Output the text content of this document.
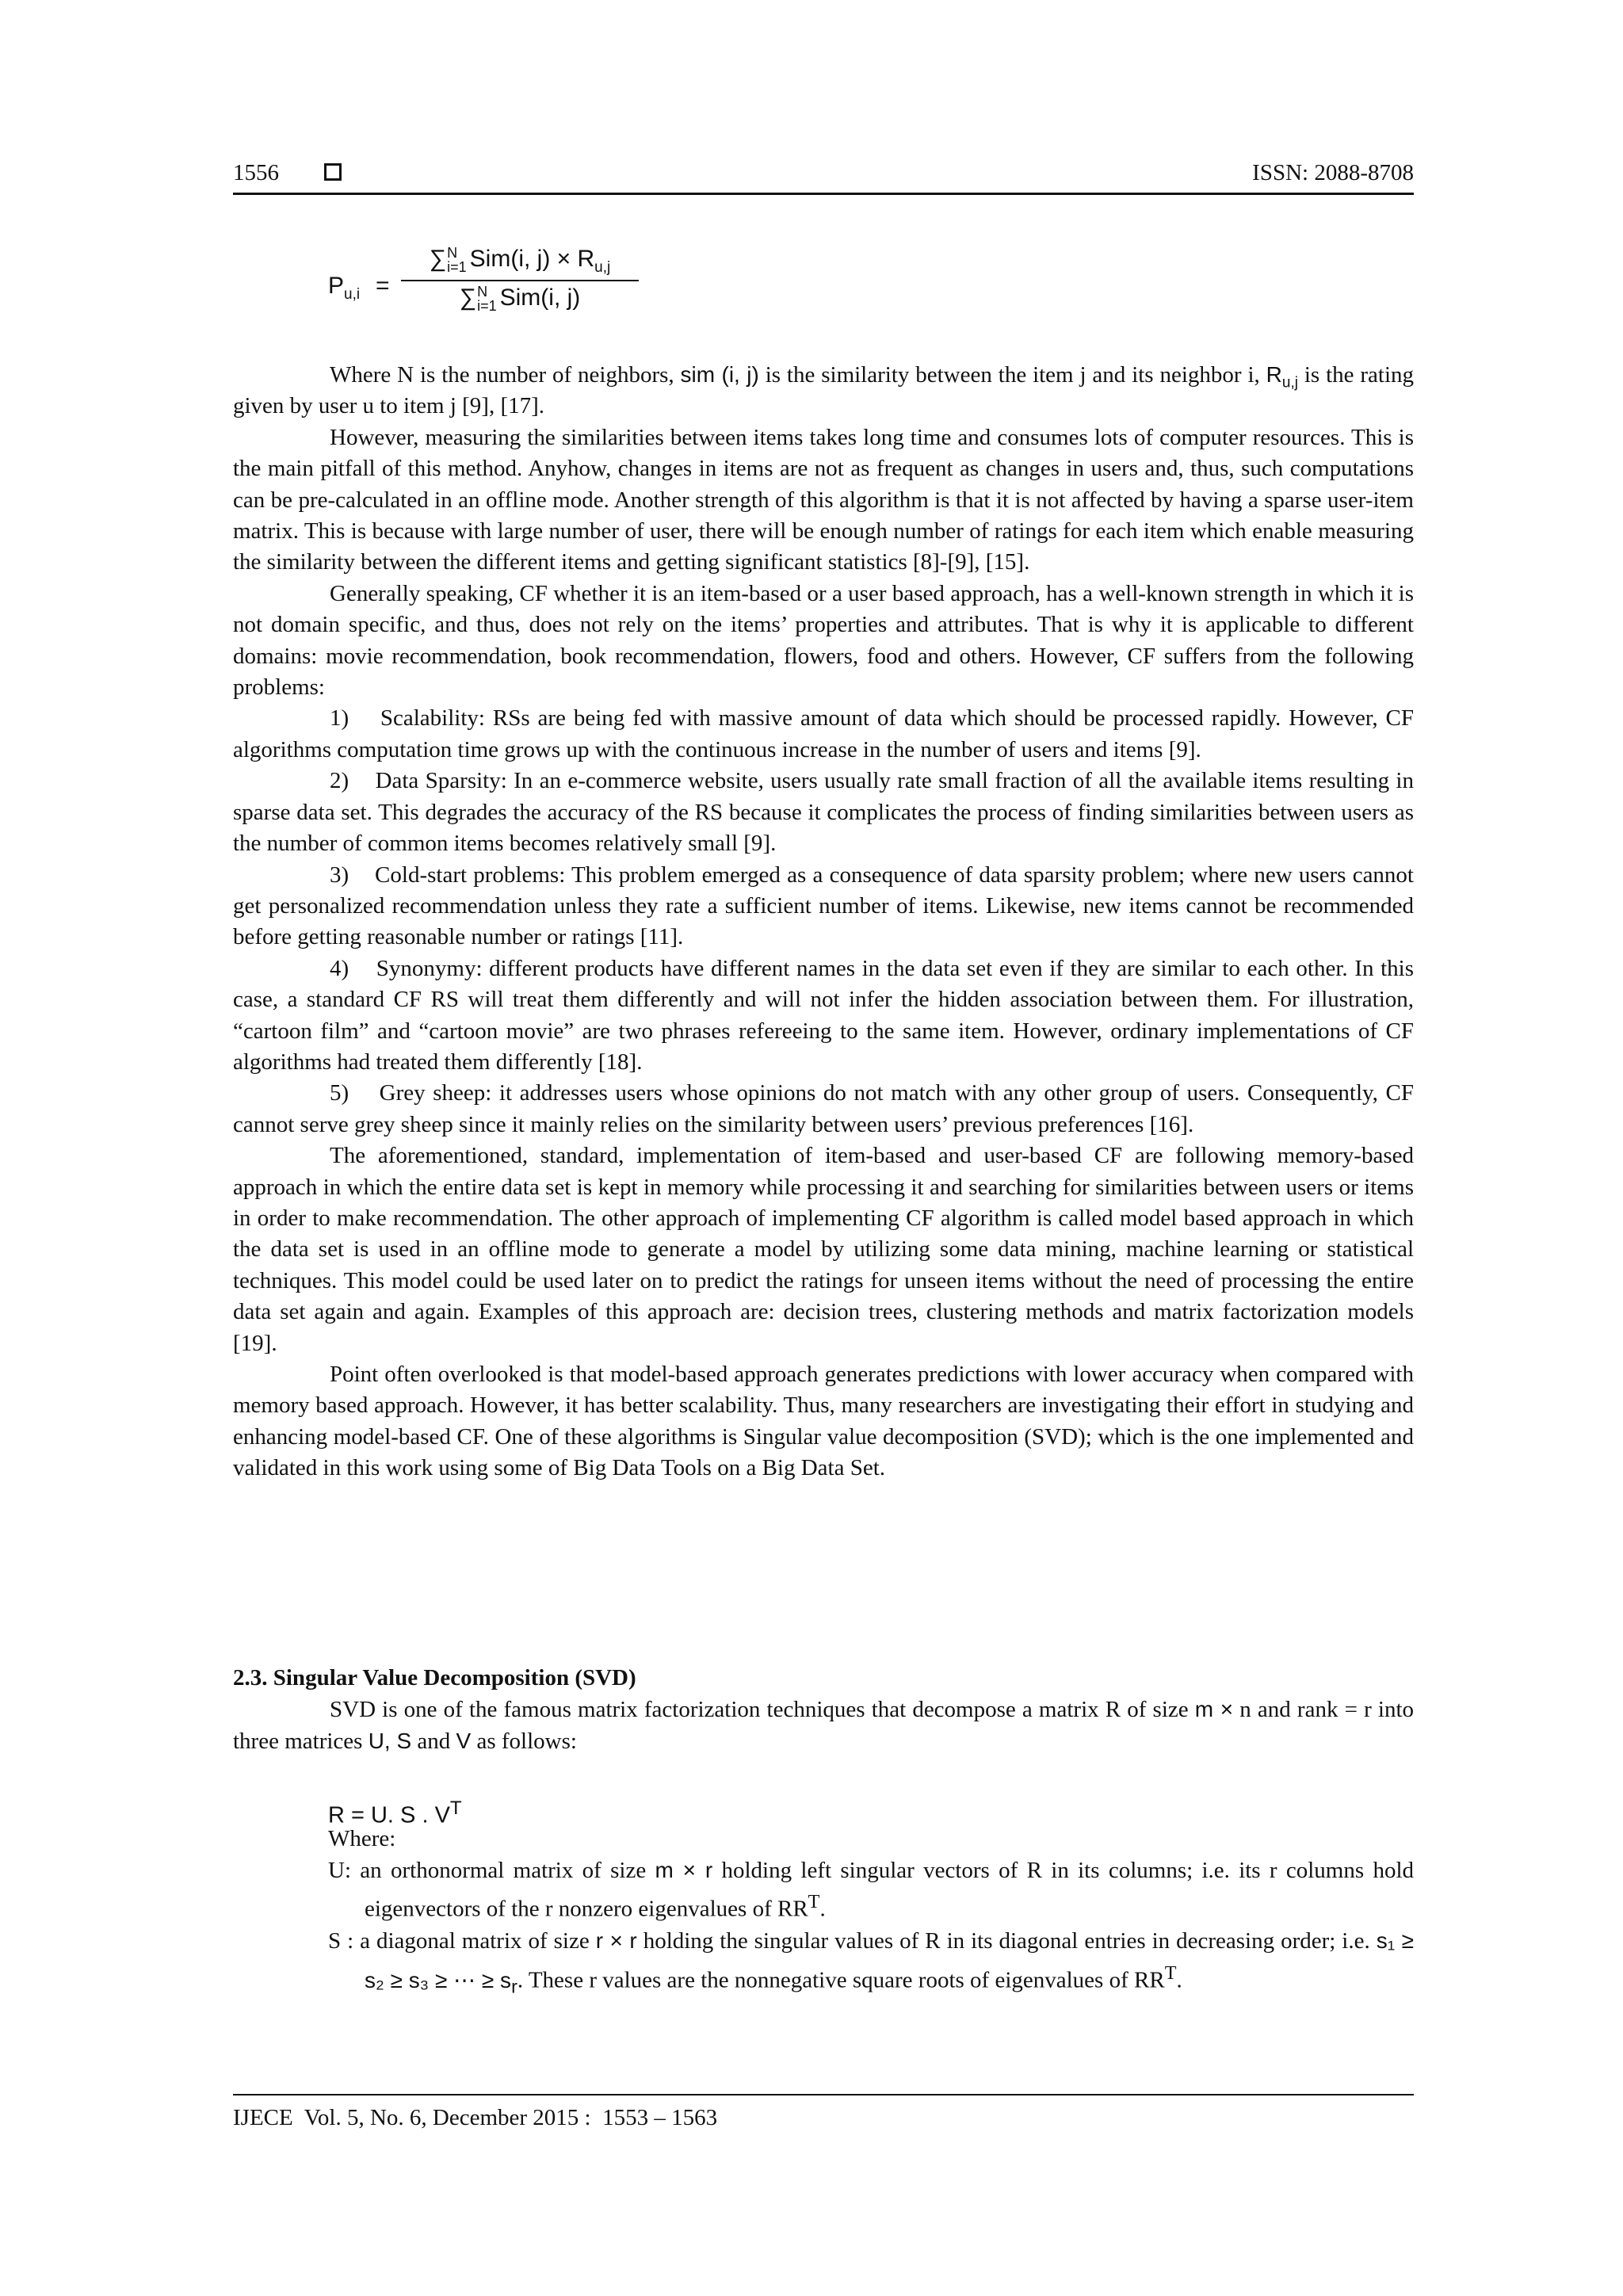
1556	ISSN: 2088-8708
$P_{u,i}$ =
∑N
i=1 Sim(i, $j) \times R_{u,j}$
∑N
i=1 Sim(i, j)

Where N is the number of neighbors, sim (i, j) is the similarity between the item j and its neighbor i, $R_{u,j}$ is the rating given by user u to item j [9], [17].

However, measuring the similarities between items takes long time and consumes lots of computer resources. This is the main pitfall of this method. Anyhow, changes in items are not as frequent as changes in users and, thus, such computations can be pre-calculated in an offline mode. Another strength of this algorithm is that it is not affected by having a sparse user-item matrix. This is because with large number of user, there will be enough number of ratings for each item which enable measuring the similarity between the different items and getting significant statistics [8]-[9], [15].

Generally speaking, CF whether it is an item-based or a user based approach, has a well-known strength in which it is not domain specific, and thus, does not rely on the items’ properties and attributes. That is why it is applicable to different domains: movie recommendation, book recommendation, flowers, food and others. However, CF suffers from the following problems:

1)    Scalability: RSs are being fed with massive amount of data which should be processed rapidly. However, CF algorithms computation time grows up with the continuous increase in the number of users and items [9].

2)    Data Sparsity: In an e-commerce website, users usually rate small fraction of all the available items resulting in sparse data set. This degrades the accuracy of the RS because it complicates the process of finding similarities between users as the number of common items becomes relatively small [9].

3)    Cold-start problems: This problem emerged as a consequence of data sparsity problem; where new users cannot get personalized recommendation unless they rate a sufficient number of items. Likewise, new items cannot be recommended before getting reasonable number or ratings [11].

4)    Synonymy: different products have different names in the data set even if they are similar to each other. In this case, a standard CF RS will treat them differently and will not infer the hidden association between them. For illustration, “cartoon film” and “cartoon movie” are two phrases refereeing to the same item. However, ordinary implementations of CF algorithms had treated them differently [18].

5)    Grey sheep: it addresses users whose opinions do not match with any other group of users. Consequently, CF cannot serve grey sheep since it mainly relies on the similarity between users’ previous preferences [16].

The aforementioned, standard, implementation of item-based and user-based CF are following memory-based approach in which the entire data set is kept in memory while processing it and searching for similarities between users or items in order to make recommendation. The other approach of implementing CF algorithm is called model based approach in which the data set is used in an offline mode to generate a model by utilizing some data mining, machine learning or statistical techniques. This model could be used later on to predict the ratings for unseen items without the need of processing the entire data set again and again. Examples of this approach are: decision trees, clustering methods and matrix factorization models [19].

Point often overlooked is that model-based approach generates predictions with lower accuracy when compared with memory based approach. However, it has better scalability. Thus, many researchers are investigating their effort in studying and enhancing model-based CF. One of these algorithms is Singular value decomposition (SVD); which is the one implemented and validated in this work using some of Big Data Tools on a Big Data Set.

2.3. Singular Value Decomposition (SVD)

SVD is one of the famous matrix factorization techniques that decompose a matrix R of size m × n and rank = r into three matrices U, S and V as follows:

R = U. S . $V^T$
Where:

U: an orthonormal matrix of size m × r holding left singular vectors of R in its columns; i.e. its r columns hold eigenvectors of the r nonzero eigenvalues of $RR^T$.

S : a diagonal matrix of size r × r holding the singular values of R in its diagonal entries in decreasing order; i.e. s₁ ≥ s₂ ≥ s₃ ≥ ⋯ ≥ $s_r$. These r values are the nonnegative square roots of eigenvalues of $RR^T$.

IJECE  Vol. 5, No. 6, December 2015 :  1553 – 1563
